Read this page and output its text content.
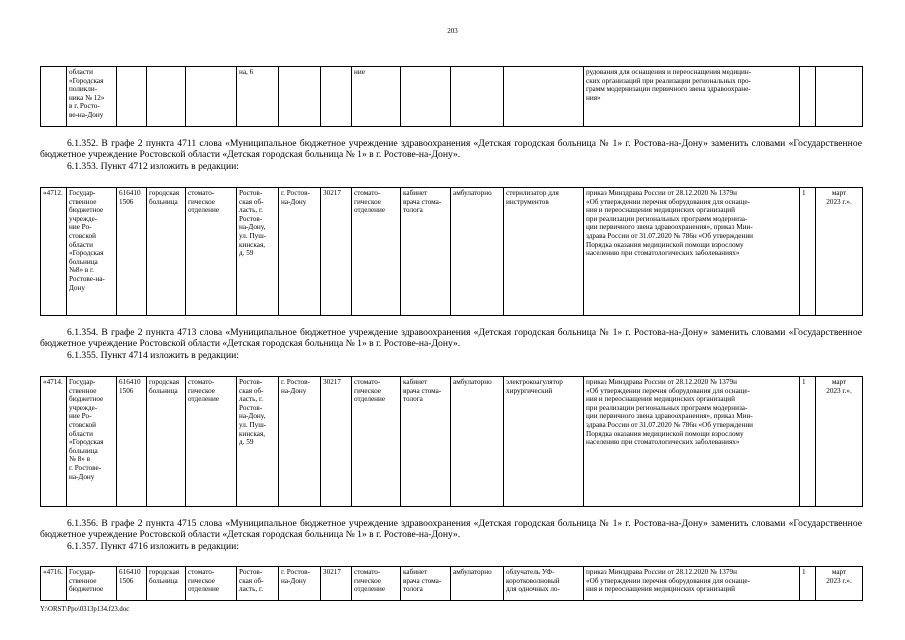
203
	области
«Городская
поликли-
ника № 12»
в г. Росто-
ве-на-Дону				на, 6			ние				рудования для оснащения и переоснащения медицин-
ских организаций при реализации региональных про-
грамм модернизации первичного звена здравоохране-
ния»		

6.1.352. В графе 2 пункта 4711 слова «Муниципальное бюджетное учреждение здравоохранения «Детская городская больница № 1» г. Ростова-на-Дону» заменить словами «Государственное бюджетное учреждение Ростовской области «Детская городская больница № 1» в г. Ростове-на-Дону».

6.1.353. Пункт 4712 изложить в редакции:

«4712.	Государ-
ственное
бюджетное
учрежде-
ние Ро-
стовской
области
«Городская
больница
№8» в г.
Ростове-на-
Дону	616410
1506	городская
больница	стомато-
гическое
отделение	Ростов-
ская об-
ласть, г.
Ростов-
на-Дону,
ул. Пуш-
кинская,
д. 59	г. Ростов-
на-Дону	30217	стомато-
гическое
отделение	кабинет
врача стома-
толога	амбулаторно	стерилизатор для
инструментов	приказ Минздрава России от 28.12.2020 № 1379н
«Об утверждении перечня оборудования для оснаще-
ния и переоснащения медицинских организаций
при реализации региональных программ модерниза-
ции первичного звена здравоохранения», приказ Мин-
здрава России от 31.07.2020 № 786н «Об утверждении
Порядка оказания медицинской помощи взрослому
населению при стоматологических заболеваниях»	1	март
2023 г.».

6.1.354. В графе 2 пункта 4713 слова «Муниципальное бюджетное учреждение здравоохранения «Детская городская больница № 1» г. Ростова-на-Дону» заменить словами «Государственное бюджетное учреждение Ростовской области «Детская городская больница № 1» в г. Ростове-на-Дону».

6.1.355. Пункт 4714 изложить в редакции:

«4714.	Государ-
ственное
бюджетное
учрежде-
ние Ро-
стовской
области
«Городская
больница
№ 8» в
г. Ростове-
на-Дону	616410
1506	городская
больница	стомато-
гическое
отделение	Ростов-
ская об-
ласть, г.
Ростов-
на-Дону,
ул. Пуш-
кинская,
д. 59	г. Ростов-
на-Дону	30217	стомато-
гическое
отделение	кабинет
врача стома-
толога	амбулаторно	электрокоагулятор
хирургический	приказ Минздрава России от 28.12.2020 № 1379н
«Об утверждении перечня оборудования для оснаще-
ния и переоснащения медицинских организаций
при реализации региональных программ модерниза-
ции первичного звена здравоохранения», приказ Мин-
здрава России от 31.07.2020 № 786н «Об утверждении
Порядка оказания медицинской помощи взрослому
населению при стоматологических заболеваниях»	1	март
2023 г.».

6.1.356. В графе 2 пункта 4715 слова «Муниципальное бюджетное учреждение здравоохранения «Детская городская больница № 1» г. Ростова-на-Дону» заменить словами «Государственное бюджетное учреждение Ростовской области «Детская городская больница № 1» в г. Ростове-на-Дону».

6.1.357. Пункт 4716 изложить в редакции:

«4716.	Государ-
ственное
бюджетное	616410
1506	городская
больница	стомато-
гическое
отделение	Ростов-
ская об-
ласть, г.	г. Ростов-
на-Дону	30217	стомато-
гическое
отделение	кабинет
врача стома-
толога	амбулаторно	облучатель УФ-
коротковолновый
для одночных ло-	приказ Минздрава России от 28.12.2020 № 1379н
«Об утверждении перечня оборудования для оснаще-
ния и переоснащения медицинских организаций	1	март
2023 г.».
Y:\ORST\Ppo\0313p134.f23.doc
